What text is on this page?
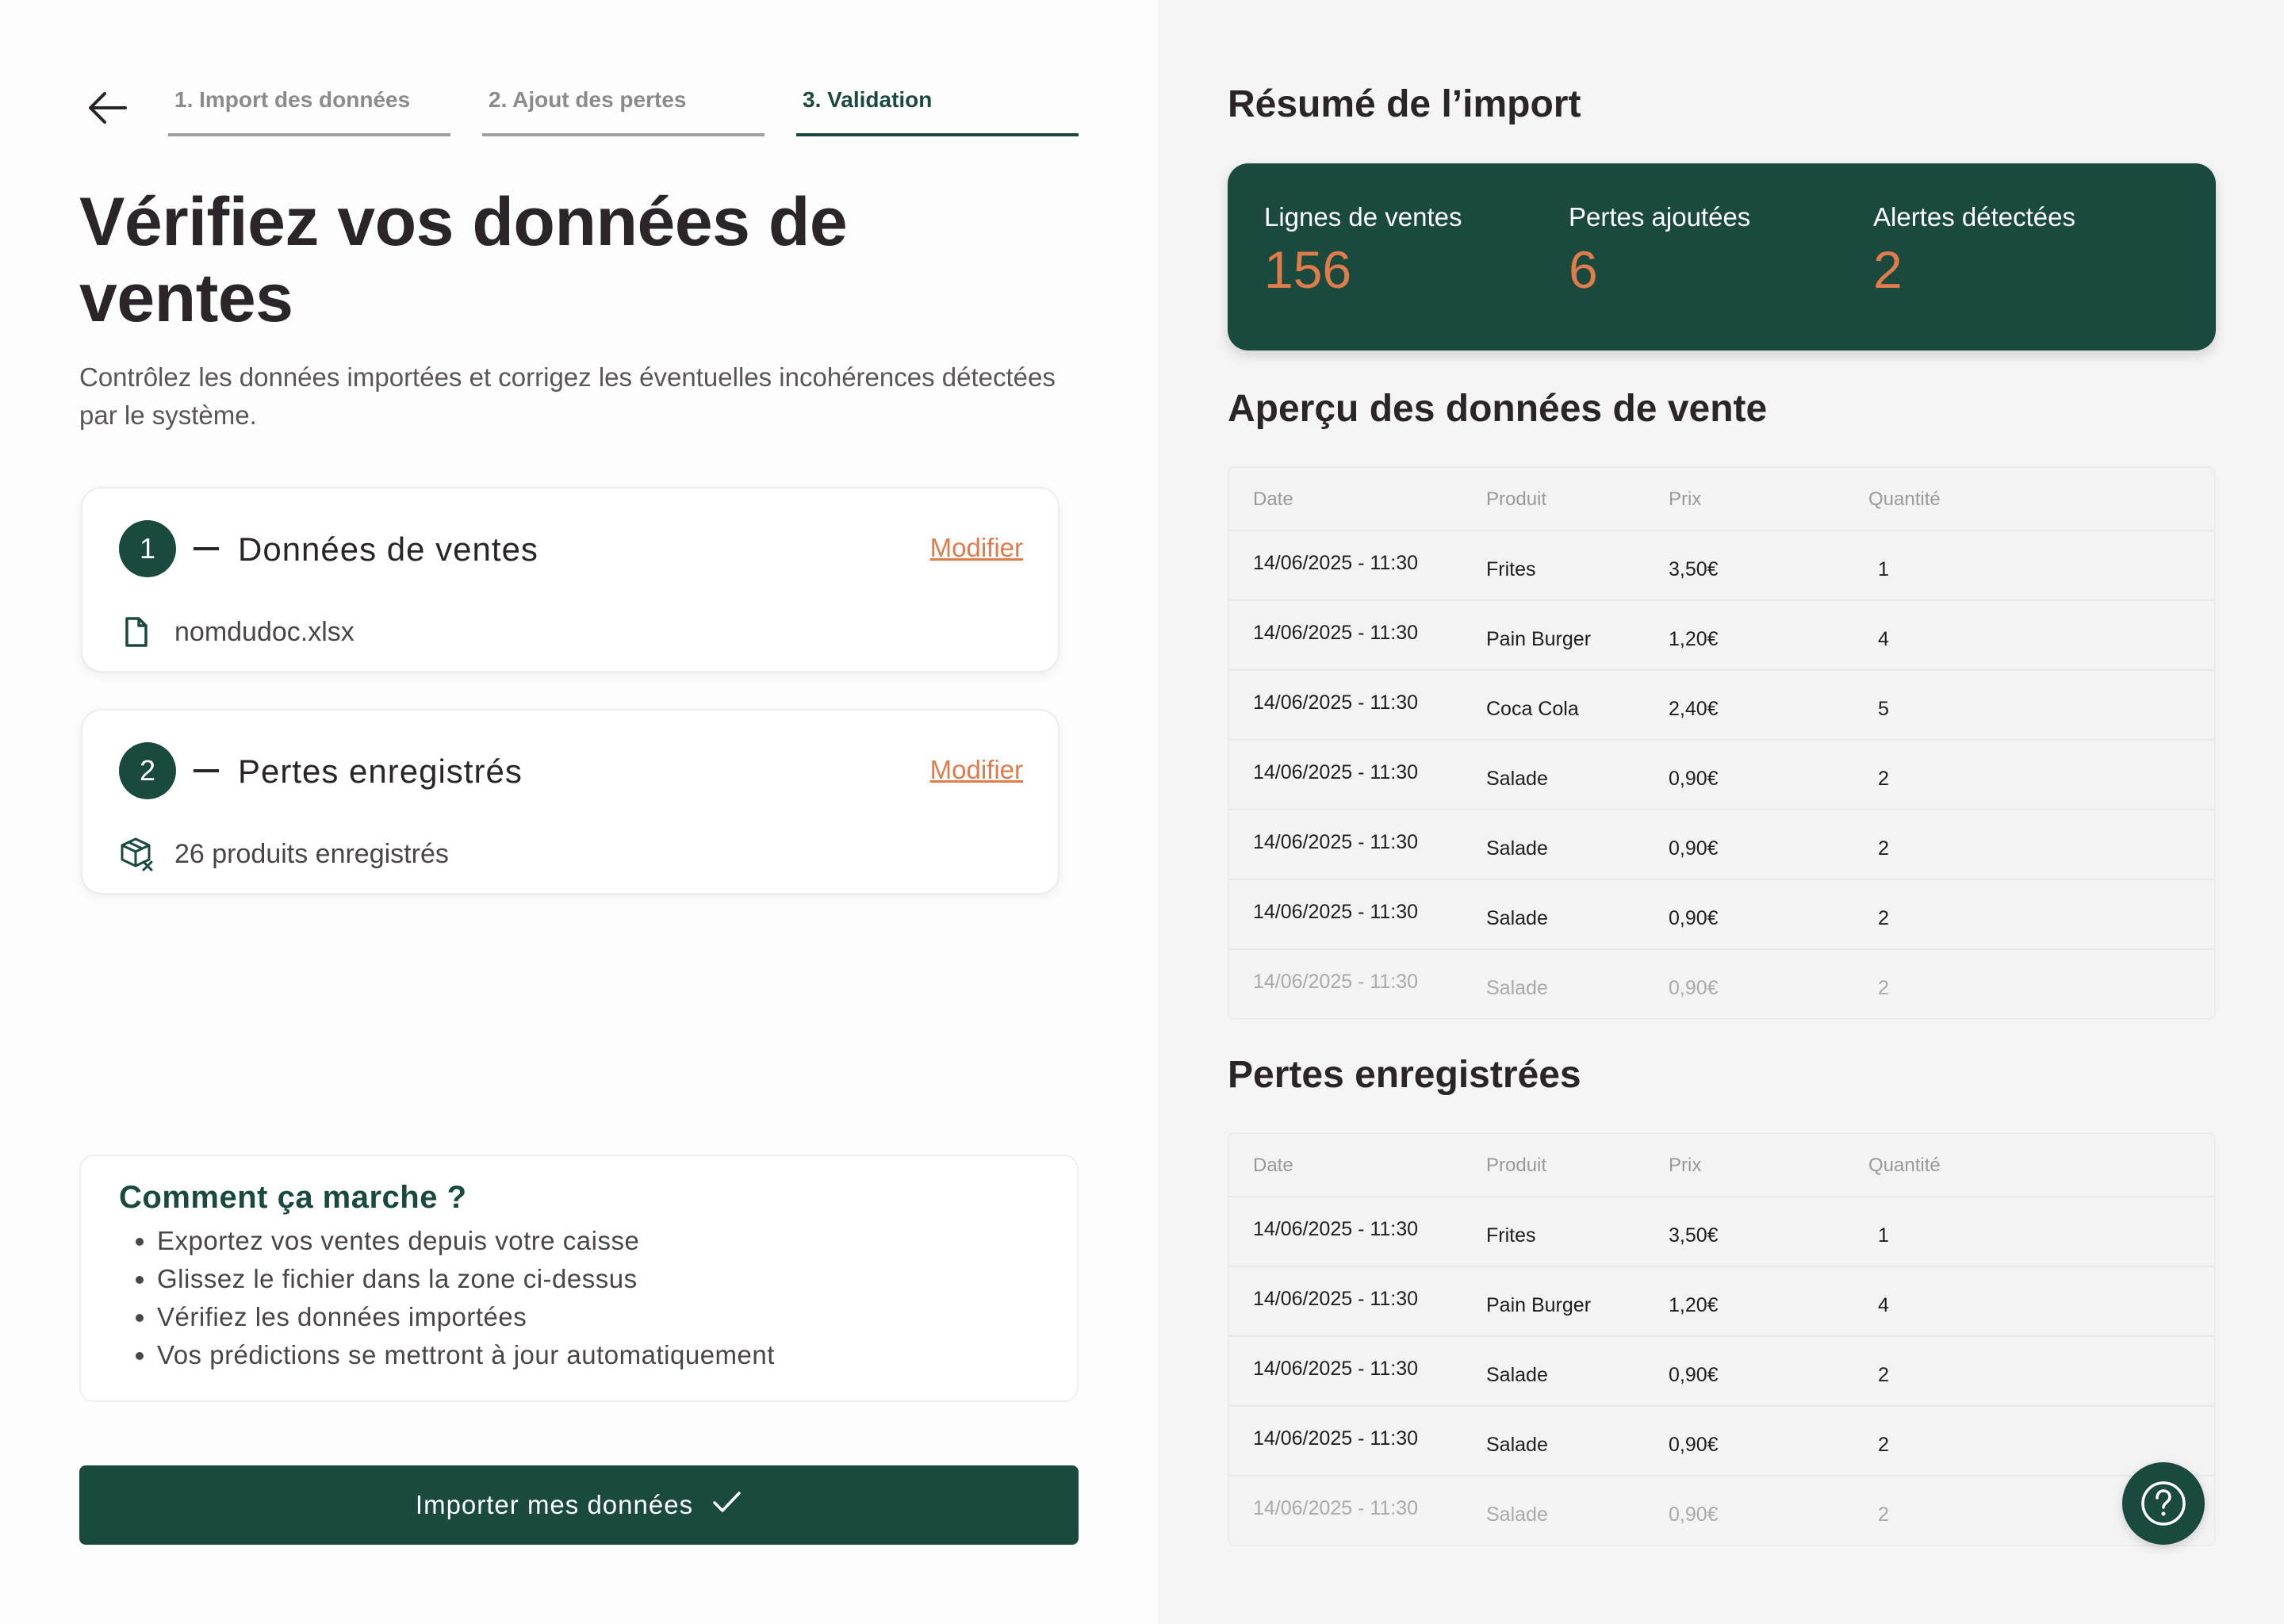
1. Import des données	2. Ajout des pertes	3. Validation
Vérifiez vos données de ventes

Contrôlez les données importées et corrigez les éventuelles incohérences détectées par le système.

1	Données de ventes	Modifier
nomdudoc.xlsx
2	Pertes enregistrés	Modifier
26 produits enregistrés
Comment ça marche ?
• Exportez vos ventes depuis votre caisse
• Glissez le fichier dans la zone ci-dessus
• Vérifiez les données importées
• Vos prédictions se mettront à jour automatiquement
Importer mes données
Résumé de l’import
Lignes de ventes
156
Pertes ajoutées
6
Alertes détectées
2
Aperçu des données de vente
Date	Produit	Prix	Quantité
14/06/2025 - 11:30	Frites	3,50€	1
14/06/2025 - 11:30	Pain Burger	1,20€	4
14/06/2025 - 11:30	Coca Cola	2,40€	5
14/06/2025 - 11:30	Salade	0,90€	2
14/06/2025 - 11:30	Salade	0,90€	2
14/06/2025 - 11:30	Salade	0,90€	2
14/06/2025 - 11:30	Salade	0,90€	2
Pertes enregistrées
Date	Produit	Prix	Quantité
14/06/2025 - 11:30	Frites	3,50€	1
14/06/2025 - 11:30	Pain Burger	1,20€	4
14/06/2025 - 11:30	Salade	0,90€	2
14/06/2025 - 11:30	Salade	0,90€	2
14/06/2025 - 11:30	Salade	0,90€	2
